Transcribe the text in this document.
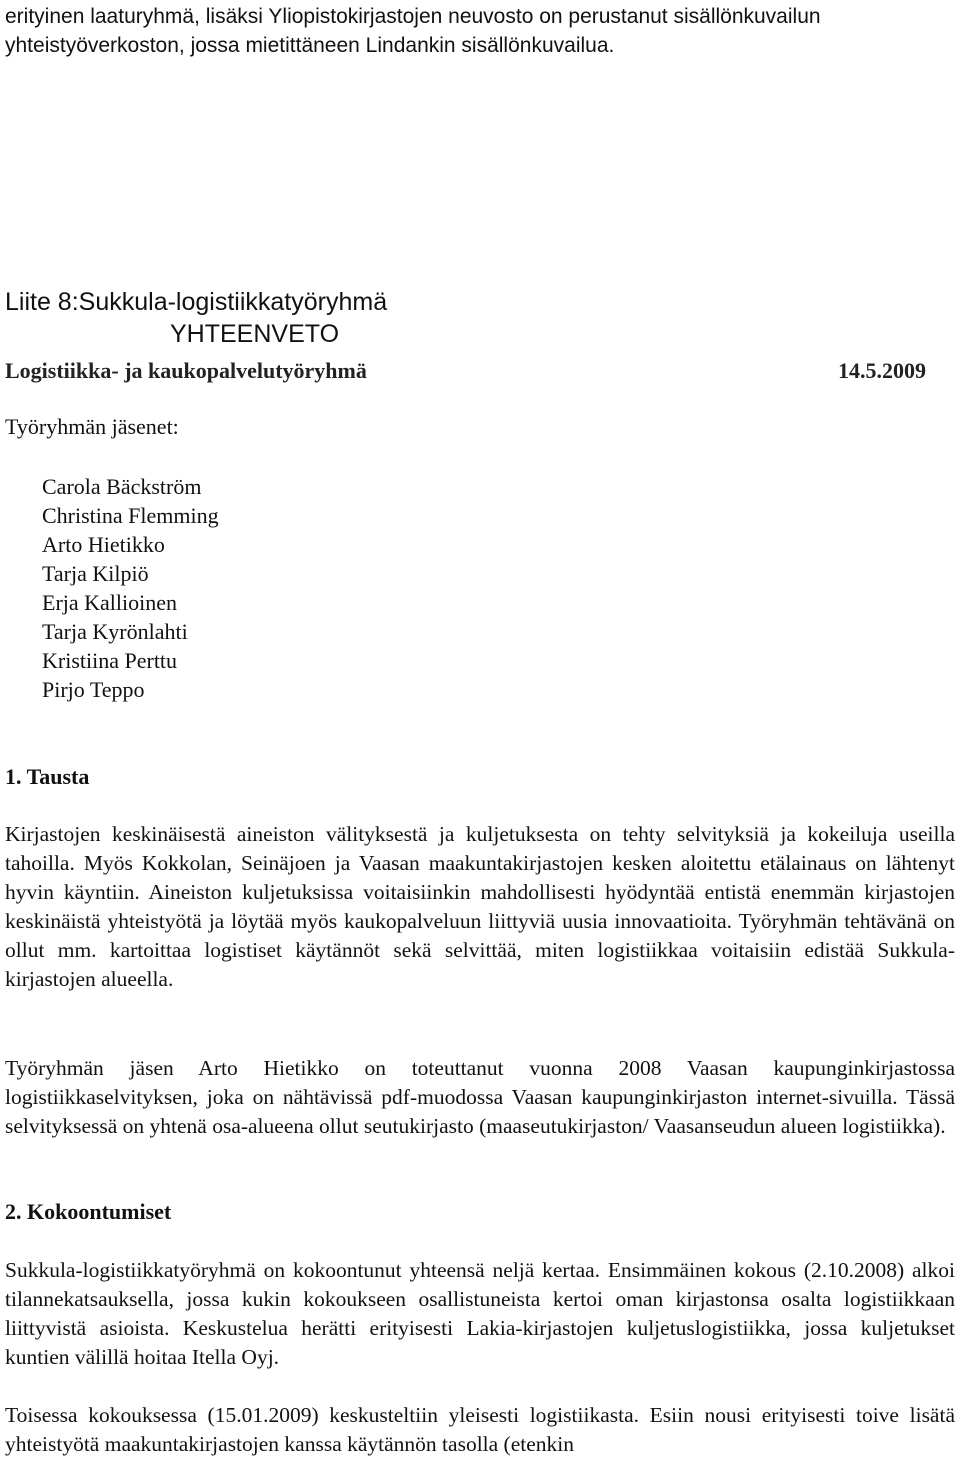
erityinen laaturyhmä, lisäksi Yliopistokirjastojen neuvosto on perustanut sisällönkuvailun yhteistyöverkoston, jossa mietittäneen Lindankin sisällönkuvailua.

Liite 8:Sukkula-logistiikkatyöryhmä
YHTEENVETO
Logistiikka- ja kaukopalvelutyöryhmä	14.5.2009
Työryhmän jäsenet:
Carola Bäckström
Christina Flemming
Arto Hietikko
Tarja Kilpiö
Erja Kallioinen
Tarja Kyrönlahti
Kristiina Perttu
Pirjo Teppo
1. Tausta

Kirjastojen keskinäisestä aineiston välityksestä ja kuljetuksesta on tehty selvityksiä ja kokeiluja useilla tahoilla. Myös Kokkolan, Seinäjoen ja Vaasan maakuntakirjastojen kesken aloitettu etälainaus on lähtenyt hyvin käyntiin. Aineiston kuljetuksissa voitaisiinkin mahdollisesti hyödyntää entistä enemmän kirjastojen keskinäistä yhteistyötä ja löytää myös kaukopalveluun liittyviä uusia innovaatioita. Työryhmän tehtävänä on ollut mm. kartoittaa logistiset käytännöt sekä selvittää, miten logistiikkaa voitaisiin edistää Sukkula-kirjastojen alueella.

Työryhmän jäsen Arto Hietikko on toteuttanut vuonna 2008 Vaasan kaupunginkirjastossa logistiikkaselvityksen, joka on nähtävissä pdf-muodossa Vaasan kaupunginkirjaston internet-sivuilla. Tässä selvityksessä on yhtenä osa-alueena ollut seutukirjasto (maaseutukirjaston/ Vaasanseudun alueen logistiikka).

2. Kokoontumiset

Sukkula-logistiikkatyöryhmä on kokoontunut yhteensä neljä kertaa. Ensimmäinen kokous (2.10.2008) alkoi tilannekatsauksella, jossa kukin kokoukseen osallistuneista kertoi oman kirjastonsa osalta logistiikkaan liittyvistä asioista. Keskustelua herätti erityisesti Lakia-kirjastojen kuljetuslogistiikka, jossa kuljetukset kuntien välillä hoitaa Itella Oyj.

Toisessa kokouksessa (15.01.2009) keskusteltiin yleisesti logistiikasta. Esiin nousi erityisesti toive lisätä yhteistyötä maakuntakirjastojen kanssa käytännön tasolla (etenkin
